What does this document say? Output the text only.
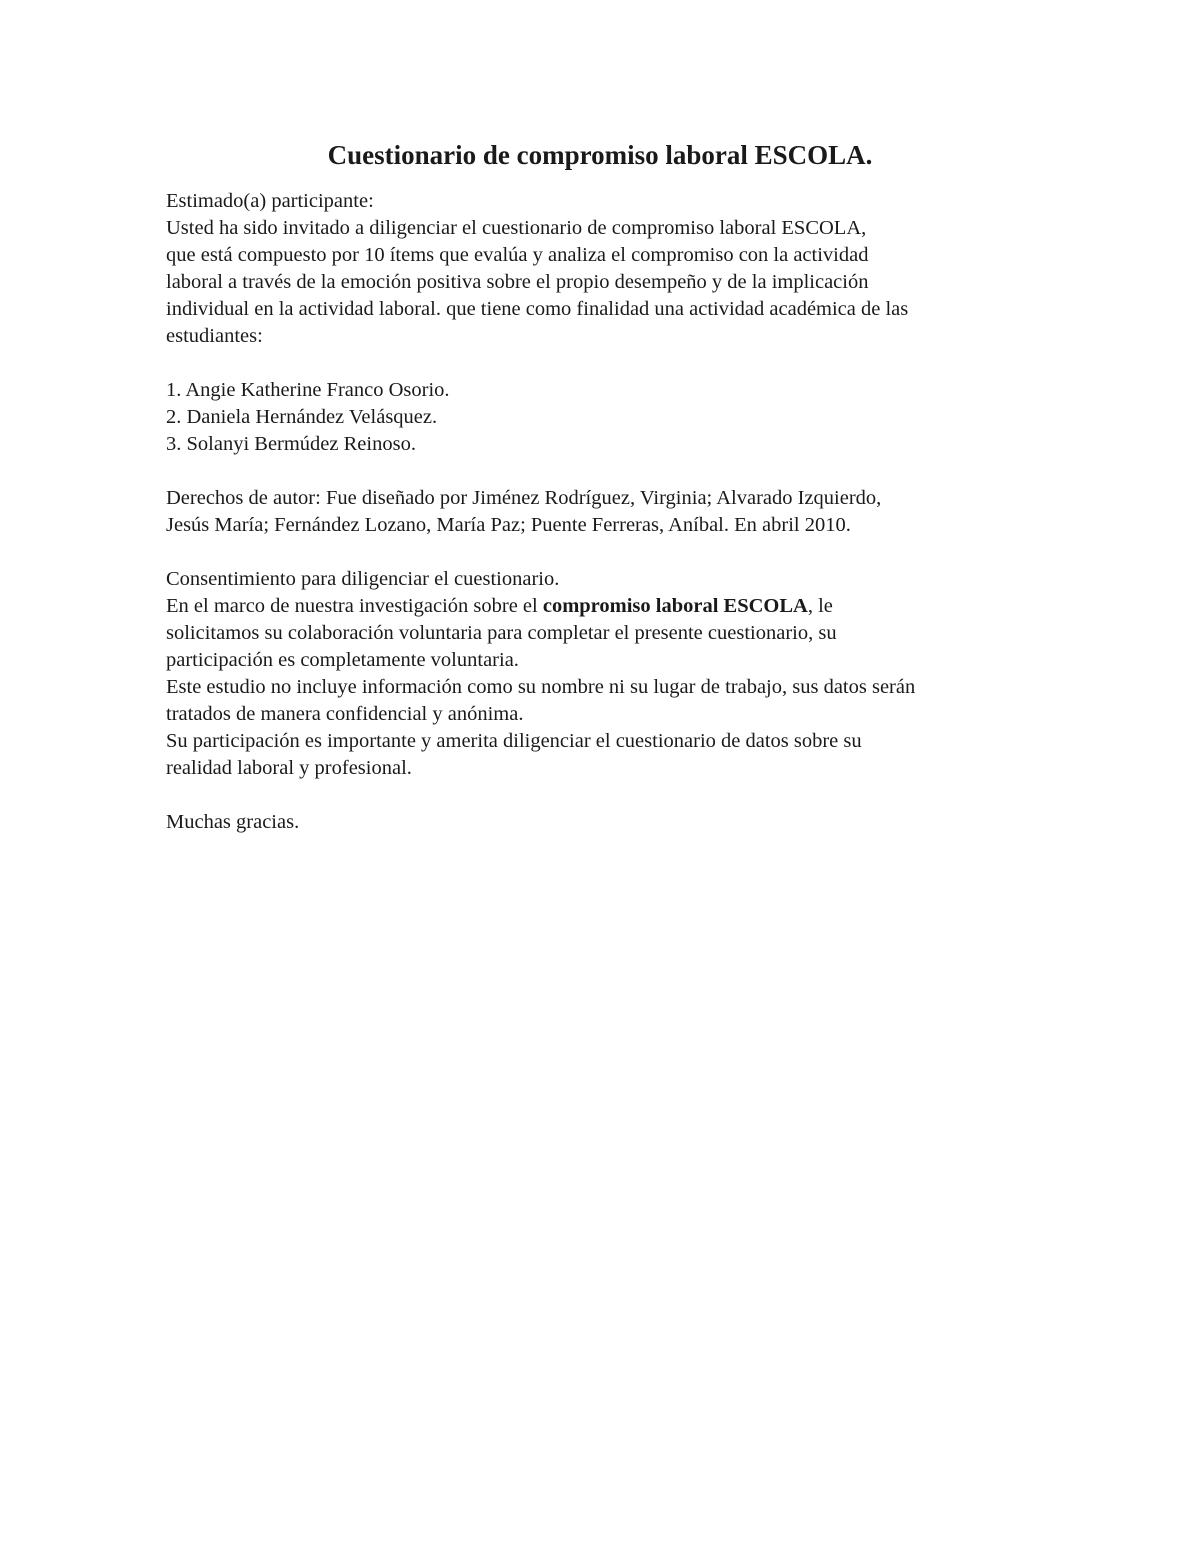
Cuestionario de compromiso laboral ESCOLA.
Estimado(a) participante:
Usted ha sido invitado a diligenciar el cuestionario de compromiso laboral ESCOLA,
que está compuesto por 10 ítems que evalúa y analiza el compromiso con la actividad
laboral a través de la emoción positiva sobre el propio desempeño y de la implicación
individual en la actividad laboral. que tiene como finalidad una actividad académica de las
estudiantes:
1. Angie Katherine Franco Osorio.
2. Daniela Hernández Velásquez.
3. Solanyi Bermúdez Reinoso.
Derechos de autor: Fue diseñado por Jiménez Rodríguez, Virginia; Alvarado Izquierdo,
Jesús María; Fernández Lozano, María Paz; Puente Ferreras, Aníbal. En abril 2010.
Consentimiento para diligenciar el cuestionario.
En el marco de nuestra investigación sobre el compromiso laboral ESCOLA, le
solicitamos su colaboración voluntaria para completar el presente cuestionario, su
participación es completamente voluntaria.
Este estudio no incluye información como su nombre ni su lugar de trabajo, sus datos serán
tratados de manera confidencial y anónima.
Su participación es importante y amerita diligenciar el cuestionario de datos sobre su
realidad laboral y profesional.
Muchas gracias.
